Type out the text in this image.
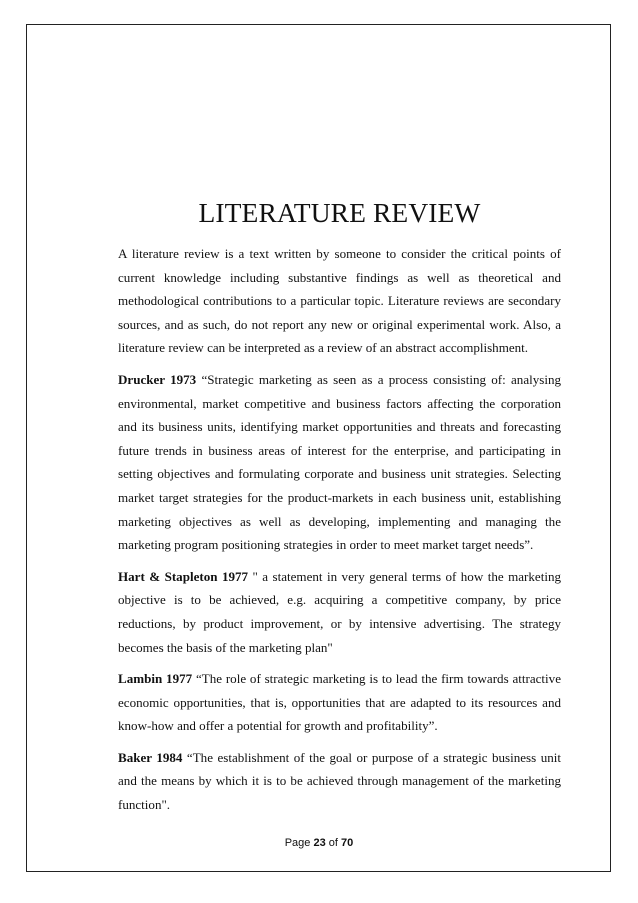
LITERATURE REVIEW

A literature review is a text written by someone to consider the critical points of current knowledge including substantive findings as well as theoretical and methodological contributions to a particular topic. Literature reviews are secondary sources, and as such, do not report any new or original experimental work. Also, a literature review can be interpreted as a review of an abstract accomplishment.

Drucker 1973 “Strategic marketing as seen as a process consisting of: analysing environmental, market competitive and business factors affecting the corporation and its business units, identifying market opportunities and threats and forecasting future trends in business areas of interest for the enterprise, and participating in setting objectives and formulating corporate and business unit strategies. Selecting market target strategies for the product-markets in each business unit, establishing marketing objectives as well as developing, implementing and managing the marketing program positioning strategies in order to meet market target needs”.

Hart & Stapleton 1977 " a statement in very general terms of how the marketing objective is to be achieved, e.g. acquiring a competitive company, by price reductions, by product improvement, or by intensive advertising. The strategy becomes the basis of the marketing plan"

Lambin 1977 “The role of strategic marketing is to lead the firm towards attractive economic opportunities, that is, opportunities that are adapted to its resources and know-how and offer a potential for growth and profitability”.

Baker 1984 “The establishment of the goal or purpose of a strategic business unit and the means by which it is to be achieved through management of the marketing function".

Page 23 of 70
